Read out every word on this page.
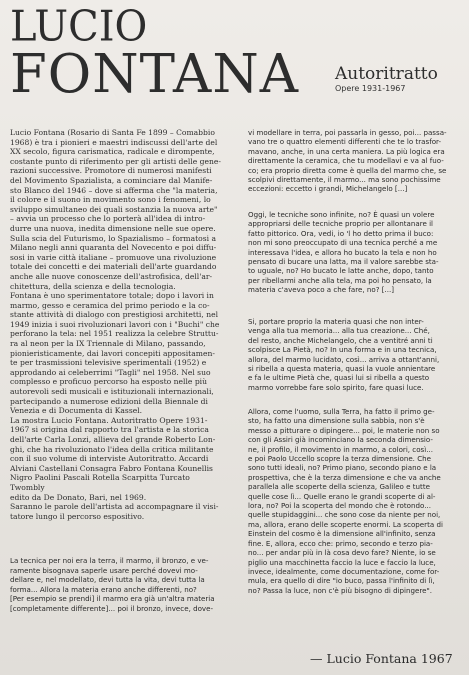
LUCIO
FONTANA Autoritratto
Opere 1931-1967
Lucio Fontana (Rosario di Santa Fe 1899 – Comabbio
1968) è tra i pionieri e maestri indiscussi dell'arte del
XX secolo, figura carismatica, radicale e dirompente,
costante punto di riferimento per gli artisti delle gene-
razioni successive. Promotore di numerosi manifesti
del Movimento Spazialista, a cominciare dal Manife-
sto Blanco del 1946 – dove si afferma che "la materia,
il colore e il suono in movimento sono i fenomeni, lo
sviluppo simultaneo dei quali sostanzia la nuova arte"
– avvia un processo che lo porterà all'idea di intro-
durre una nuova, inedita dimensione nelle sue opere.
Sulla scia del Futurismo, lo Spazialismo – formatosi a
Milano negli anni quaranta del Novecento e poi diffu-
sosi in varie città italiane – promuove una rivoluzione
totale dei concetti e dei materiali dell'arte guardando
anche alle nuove conoscenze dell'astrofisica, dell'ar-
chitettura, della scienza e della tecnologia.
Fontana è uno sperimentatore totale; dopo i lavori in
marmo, gesso e ceramica del primo periodo e la co-
stante attività di dialogo con prestigiosi architetti, nel
1949 inizia i suoi rivoluzionari lavori con i "Buchi" che
perforano la tela: nel 1951 realizza la celebre Struttu-
ra al neon per la IX Triennale di Milano, passando,
pionieristicamente, dai lavori concepiti appositamen-
te per trasmissioni televisive sperimentali (1952) e
approdando ai celeberrimi "Tagli" nel 1958. Nel suo
complesso e proficuo percorso ha esposto nelle più
autorevoli sedi musicali e istituzionali internazionali,
partecipando a numerose edizioni della Biennale di
Venezia e di Documenta di Kassel.
La mostra Lucio Fontana. Autoritratto Opere 1931-
1967 si origina dal rapporto tra l'artista e la storica
dell'arte Carla Lonzi, allieva del grande Roberto Lon-
ghi, che ha rivoluzionato l'idea della critica militante
con il suo volume di interviste Autoritratto. Accardi
Alviani Castellani Consagra Fabro Fontana Kounellis
Nigro Paolini Pascali Rotella Scarpitta Turcato Twombly
edito da De Donato, Bari, nel 1969.
Saranno le parole dell'artista ad accompagnare il visi-
tatore lungo il percorso espositivo.
La tecnica per noi era la terra, il marmo, il bronzo, e ve-
ramente bisognava saperle usare perché dovevi mo-
dellare e, nel modellato, devi tutta la vita, devi tutta la
forma... Allora la materia erano anche differenti, no?
[Per esempio se prendi] il marmo era già un'altra materia
[completamente differente]... poi il bronzo, invece, dove-
vi modellare in terra, poi passarla in gesso, poi... passa-
vano tre o quattro elementi differenti che te lo trasfor-
mavano, anche, in una certa maniera. La più logica era
direttamente la ceramica, che tu modellavi e va al fuo-
co; era proprio diretta come è quella del marmo che, se
scolpivi direttamente, il marmo... ma sono pochissime
eccezioni: eccetto i grandi, Michelangelo [...]
Oggi, le tecniche sono infinite, no? È quasi un volere
appropriarsi delle tecniche proprio per allontanare il
fatto pittorico. Ora, vedi, io 'l ho detto prima il buco:
non mi sono preoccupato di una tecnica perché a me
interessava l'idea, e allora ho bucato la tela e non ho
pensato di bucare una latta, ma il valore sarebbe sta-
to uguale, no? Ho bucato le latte anche, dopo, tanto
per ribellarmi anche alla tela, ma poi ho pensato, la
materia c'aveva poco a che fare, no? [...]
Si, portare proprio la materia quasi che non inter-
venga alla tua memoria... alla tua creazione... Ché,
del resto, anche Michelangelo, che a ventitré anni ti
scolpisce La Pietà, no? In una forma e in una tecnica,
allora, del marmo lucidato, così... arriva a ottant'anni,
si ribella a questa materia, quasi la vuole annientare
e fa le ultime Pietà che, quasi lui si ribella a questo
marmo vorrebbe fare solo spirito, fare quasi luce.
Allora, come l'uomo, sulla Terra, ha fatto il primo ge-
sto, ha fatto una dimensione sulla sabbia, non s'è
messo a pitturare o dipingere... poi, le materie non so
con gli Assiri già incominciano la seconda dimensio-
ne, il profilo, il movimento in marmo, a colori, così...
e poi Paolo Uccello scopre la terza dimensione. Che
sono tutti ideali, no? Primo piano, secondo piano e la
prospettiva, che è la terza dimensione e che va anche
parallela alle scoperte della scienza, Galileo e tutte
quelle cose lì... Quelle erano le grandi scoperte di al-
lora, no? Poi la scoperta del mondo che è rotondo...
quelle stupidaggini... che sono cose da niente per noi,
ma, allora, erano delle scoperte enormi. La scoperta di
Einstein del cosmo è la dimensione all'infinito, senza
fine. E, allora, ecco che: primo, secondo e terzo pia-
no... per andar più in là cosa devo fare? Niente, io se
piglio una macchinetta faccio la luce e faccio la luce,
invece, idealmente, come documentazione, come for-
mula, era quello di dire "io buco, passa l'infinito di lì,
no? Passa la luce, non c'è più bisogno di dipingere".
— Lucio Fontana 1967
